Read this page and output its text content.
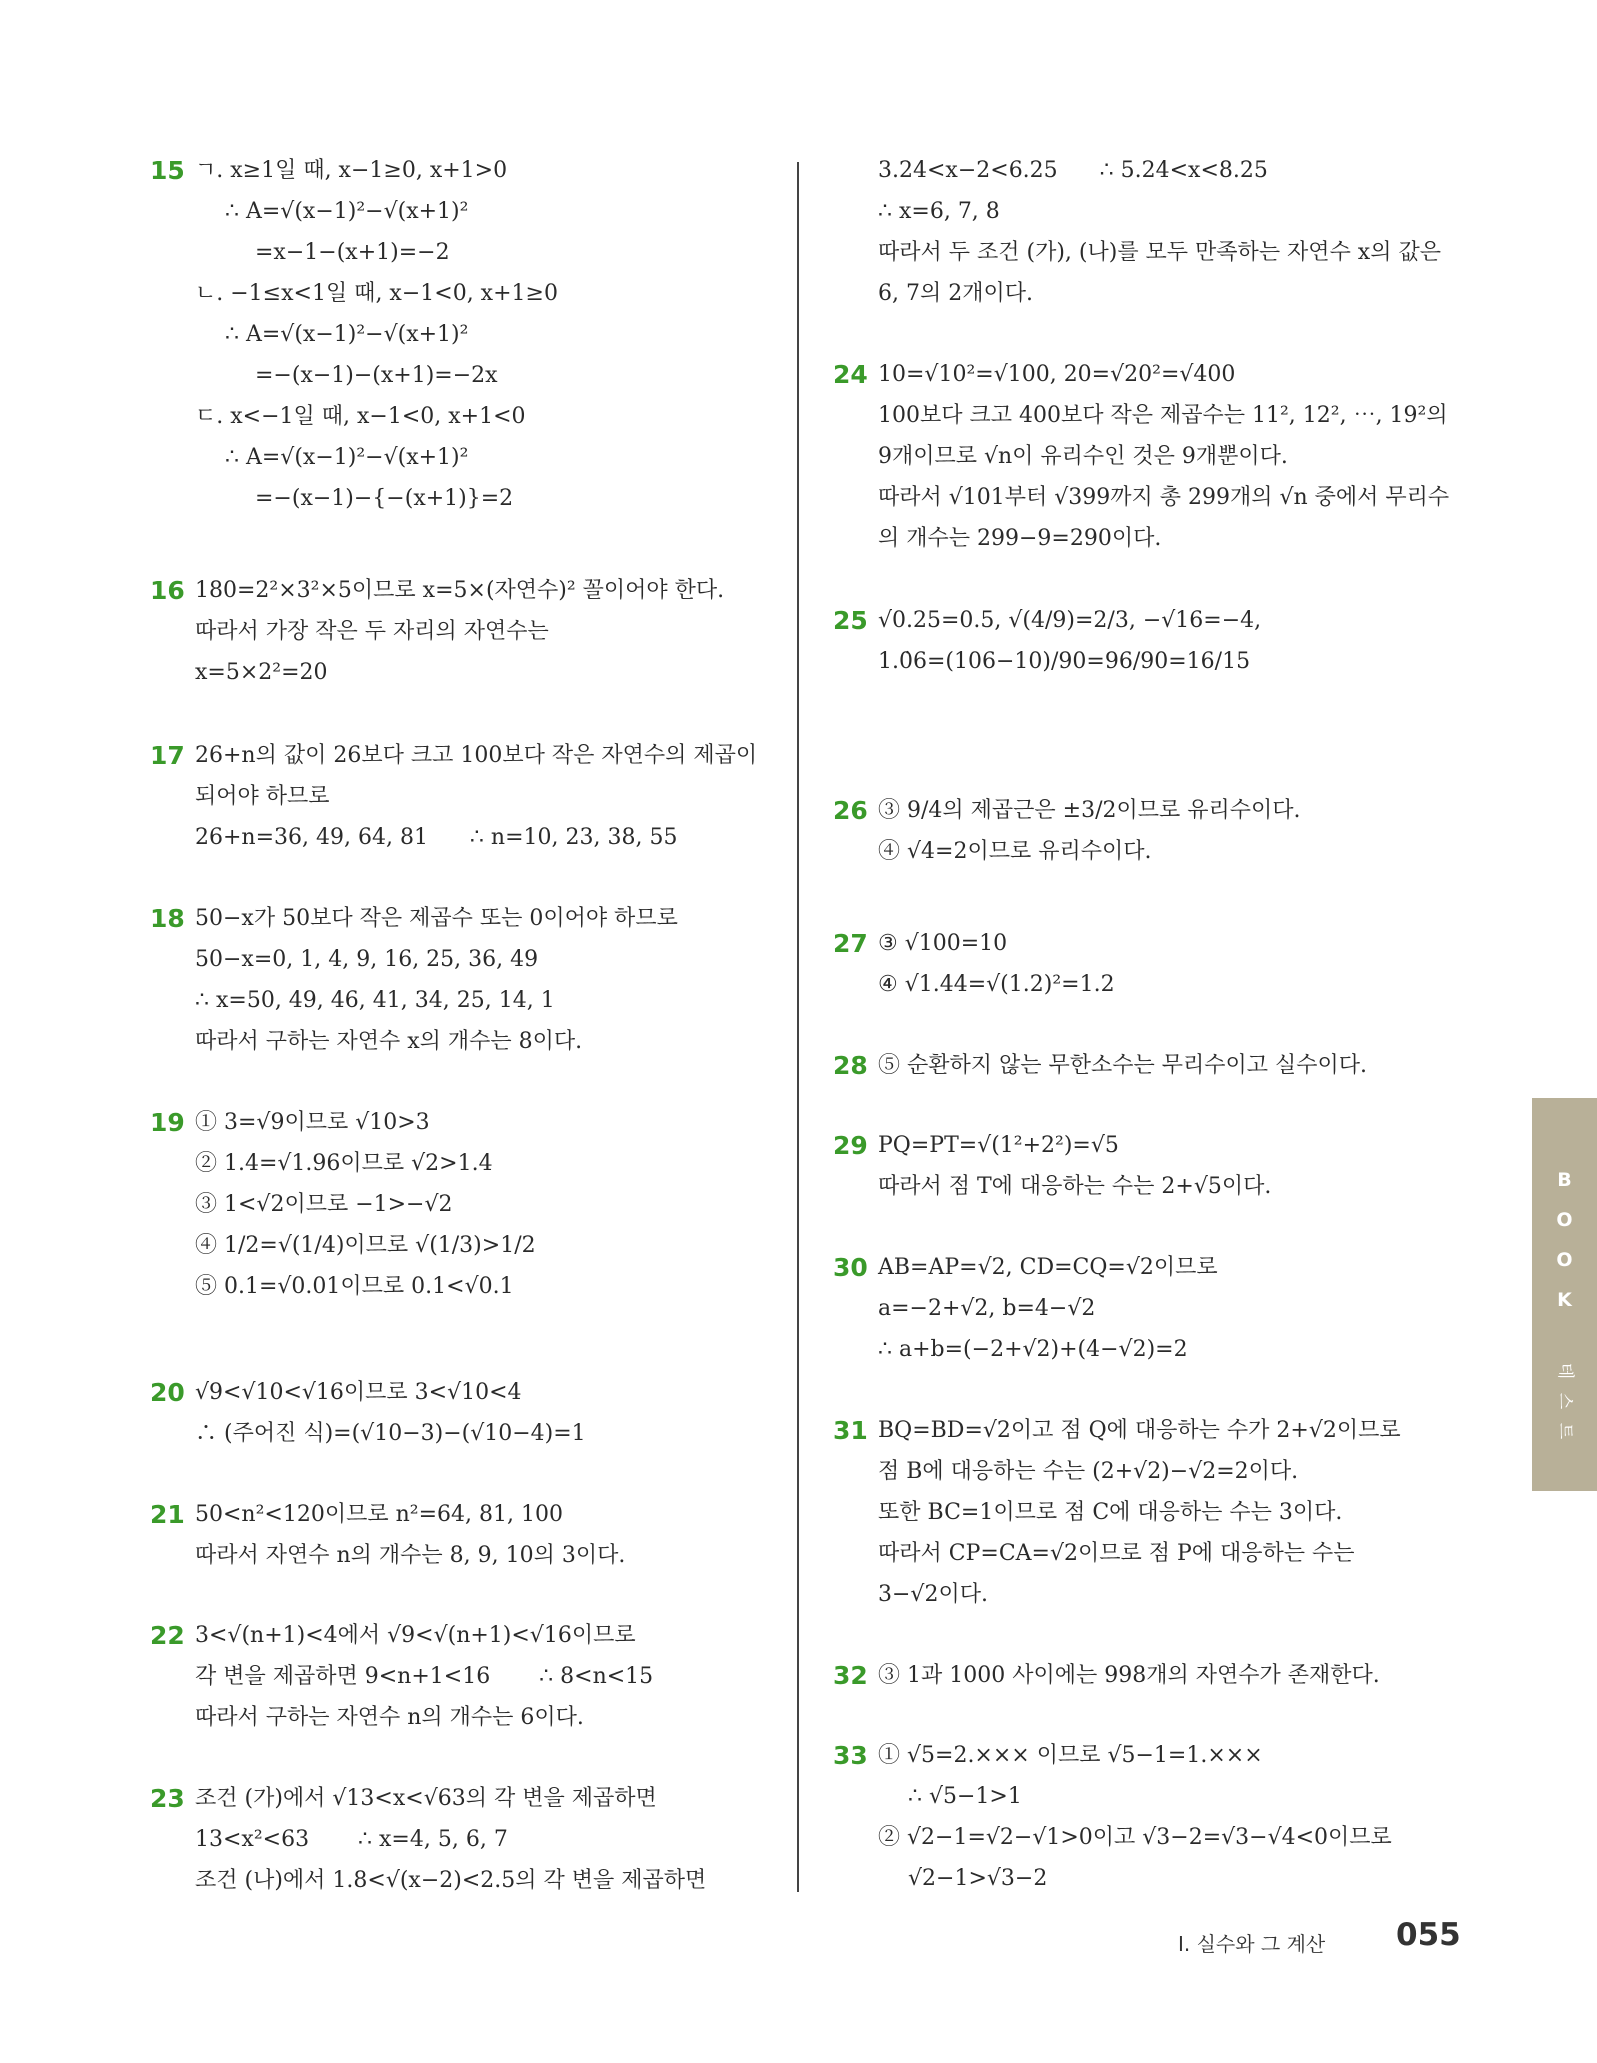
15 ㄱ. x≥1일 때, x−1≥0, x+1>0
∴ A=√(x−1)²−√(x+1)²
=x−1−(x+1)=−2
ㄴ. −1≤x<1일 때, x−1<0, x+1≥0
∴ A=√(x−1)²−√(x+1)²
=−(x−1)−(x+1)=−2x
ㄷ. x<−1일 때, x−1<0, x+1<0
∴ A=√(x−1)²−√(x+1)²
=−(x−1)−{−(x+1)}=2
16 180=2²×3²×5이므로 x=5×(자연수)² 꼴이어야 한다.
따라서 가장 작은 두 자리의 자연수는
x=5×2²=20
17 26+n의 값이 26보다 크고 100보다 작은 자연수의 제곱이
되어야 하므로
26+n=36, 49, 64, 81      ∴ n=10, 23, 38, 55
18 50−x가 50보다 작은 제곱수 또는 0이어야 하므로
50−x=0, 1, 4, 9, 16, 25, 36, 49
∴ x=50, 49, 46, 41, 34, 25, 14, 1
따라서 구하는 자연수 x의 개수는 8이다.
19 ① 3=√9이므로 √10>3
② 1.4=√1.96이므로 √2>1.4
③ 1<√2이므로 −1>−√2
④ 1/2=√(1/4)이므로 √(1/3)>1/2
⑤ 0.1=√0.01이므로 0.1<√0.1
20 √9<√10<√16이므로 3<√10<4
∴ (주어진 식)=(√10−3)−(√10−4)=1
21 50<n²<120이므로 n²=64, 81, 100
따라서 자연수 n의 개수는 8, 9, 10의 3이다.
22 3<√(n+1)<4에서 √9<√(n+1)<√16이므로
각 변을 제곱하면 9<n+1<16       ∴ 8<n<15
따라서 구하는 자연수 n의 개수는 6이다.
23 조건 (가)에서 √13<x<√63의 각 변을 제곱하면
13<x²<63       ∴ x=4, 5, 6, 7
조건 (나)에서 1.8<√(x−2)<2.5의 각 변을 제곱하면
3.24<x−2<6.25      ∴ 5.24<x<8.25
∴ x=6, 7, 8
따라서 두 조건 (가), (나)를 모두 만족하는 자연수 x의 값은
6, 7의 2개이다.
24 10=√10²=√100, 20=√20²=√400
100보다 크고 400보다 작은 제곱수는 11², 12², ⋯, 19²의
9개이므로 √n이 유리수인 것은 9개뿐이다.
따라서 √101부터 √399까지 총 299개의 √n 중에서 무리수
의 개수는 299−9=290이다.
25 √0.25=0.5, √(4/9)=2/3, −√16=−4,
1.0̇6=(106−10)/90=96/90=16/15
26 ③ 9/4의 제곱근은 ±3/2이므로 유리수이다.
④ √4=2이므로 유리수이다.
27 ③ √100=10
④ √1.44=√(1.2)²=1.2
28 ⑤ 순환하지 않는 무한소수는 무리수이고 실수이다.
29 PQ=PT=√(1²+2²)=√5
따라서 점 T에 대응하는 수는 2+√5이다.
30 AB=AP=√2, CD=CQ=√2이므로
a=−2+√2, b=4−√2
∴ a+b=(−2+√2)+(4−√2)=2
31 BQ=BD=√2이고 점 Q에 대응하는 수가 2+√2이므로
점 B에 대응하는 수는 (2+√2)−√2=2이다.
또한 BC=1이므로 점 C에 대응하는 수는 3이다.
따라서 CP=CA=√2이므로 점 P에 대응하는 수는
3−√2이다.
32 ③ 1과 1000 사이에는 998개의 자연수가 존재한다.
33 ① √5=2.××× 이므로 √5−1=1.×××
∴ √5−1>1
② √2−1=√2−√1>0이고 √3−2=√3−√4<0이므로
√2−1>√3−2
B
O
O
K
테
스
트
Ⅰ. 실수와 그 계산 055
